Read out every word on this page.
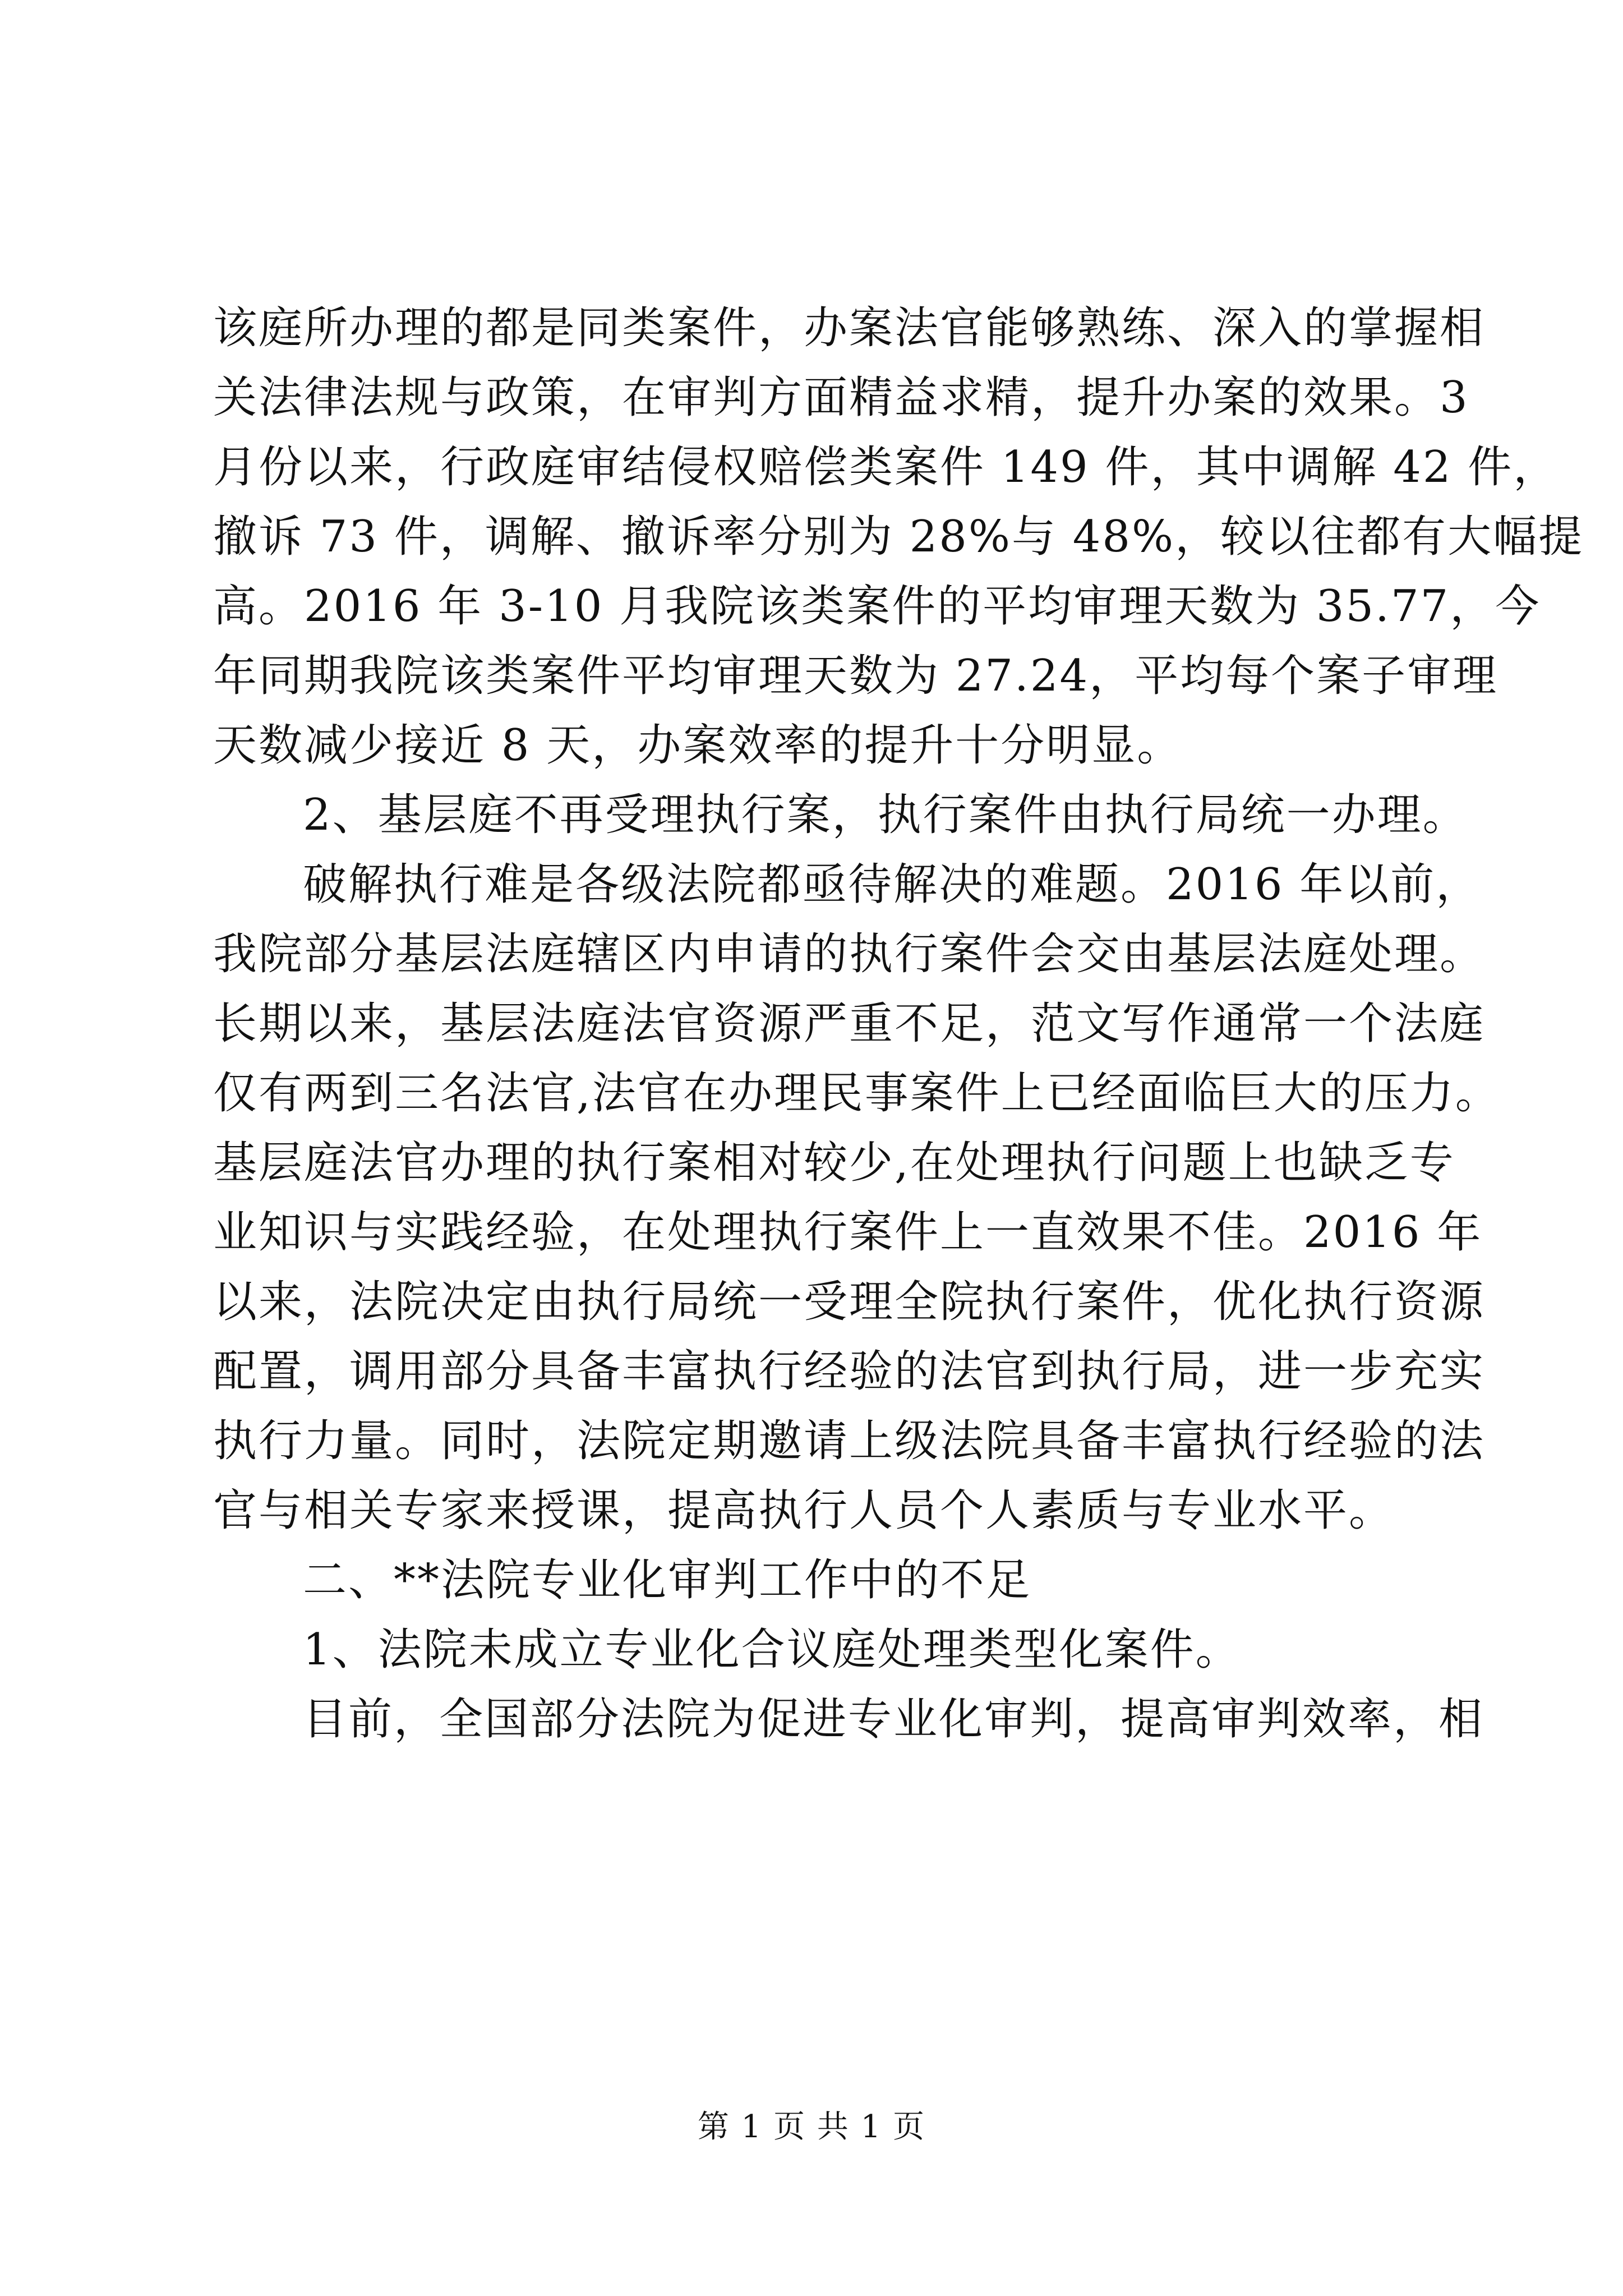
该庭所办理的都是同类案件，办案法官能够熟练、深入的掌握相
关法律法规与政策，在审判方面精益求精，提升办案的效果。3
月份以来，行政庭审结侵权赔偿类案件 149 件，其中调解 42 件，
撤诉 73 件，调解、撤诉率分别为 28%与 48%，较以往都有大幅提
高。2016 年 3-10 月我院该类案件的平均审理天数为 35.77，今
年同期我院该类案件平均审理天数为 27.24，平均每个案子审理
天数减少接近 8 天，办案效率的提升十分明显。
2、基层庭不再受理执行案，执行案件由执行局统一办理。
破解执行难是各级法院都亟待解决的难题。2016 年以前，
我院部分基层法庭辖区内申请的执行案件会交由基层法庭处理。
长期以来，基层法庭法官资源严重不足，范文写作通常一个法庭
仅有两到三名法官,法官在办理民事案件上已经面临巨大的压力。
基层庭法官办理的执行案相对较少,在处理执行问题上也缺乏专
业知识与实践经验，在处理执行案件上一直效果不佳。2016 年
以来，法院决定由执行局统一受理全院执行案件，优化执行资源
配置，调用部分具备丰富执行经验的法官到执行局，进一步充实
执行力量。同时，法院定期邀请上级法院具备丰富执行经验的法
官与相关专家来授课，提高执行人员个人素质与专业水平。
二、**法院专业化审判工作中的不足
1、法院未成立专业化合议庭处理类型化案件。
目前，全国部分法院为促进专业化审判，提高审判效率，相
第 1 页 共 1 页
